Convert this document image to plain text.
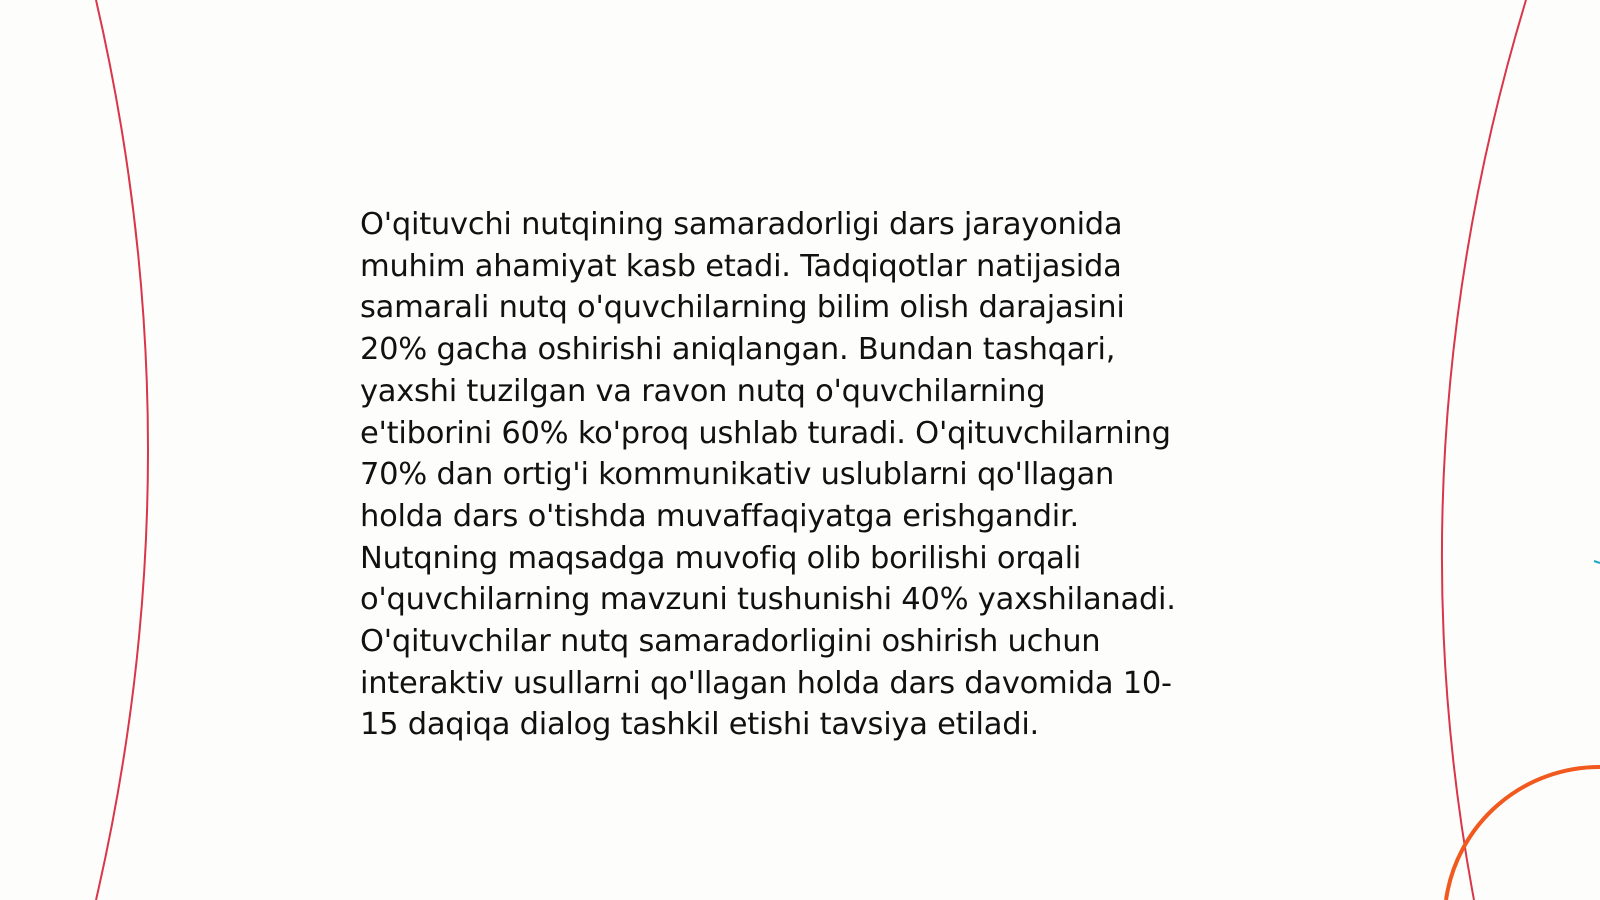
O'qituvchi nutqining samaradorligi dars jarayonida
muhim ahamiyat kasb etadi. Tadqiqotlar natijasida
samarali nutq o'quvchilarning bilim olish darajasini
20% gacha oshirishi aniqlangan. Bundan tashqari,
yaxshi tuzilgan va ravon nutq o'quvchilarning
e'tiborini 60% ko'proq ushlab turadi. O'qituvchilarning
70% dan ortig'i kommunikativ uslublarni qo'llagan
holda dars o'tishda muvaffaqiyatga erishgandir.
Nutqning maqsadga muvofiq olib borilishi orqali
o'quvchilarning mavzuni tushunishi 40% yaxshilanadi.
O'qituvchilar nutq samaradorligini oshirish uchun
interaktiv usullarni qo'llagan holda dars davomida 10-
15 daqiqa dialog tashkil etishi tavsiya etiladi.
